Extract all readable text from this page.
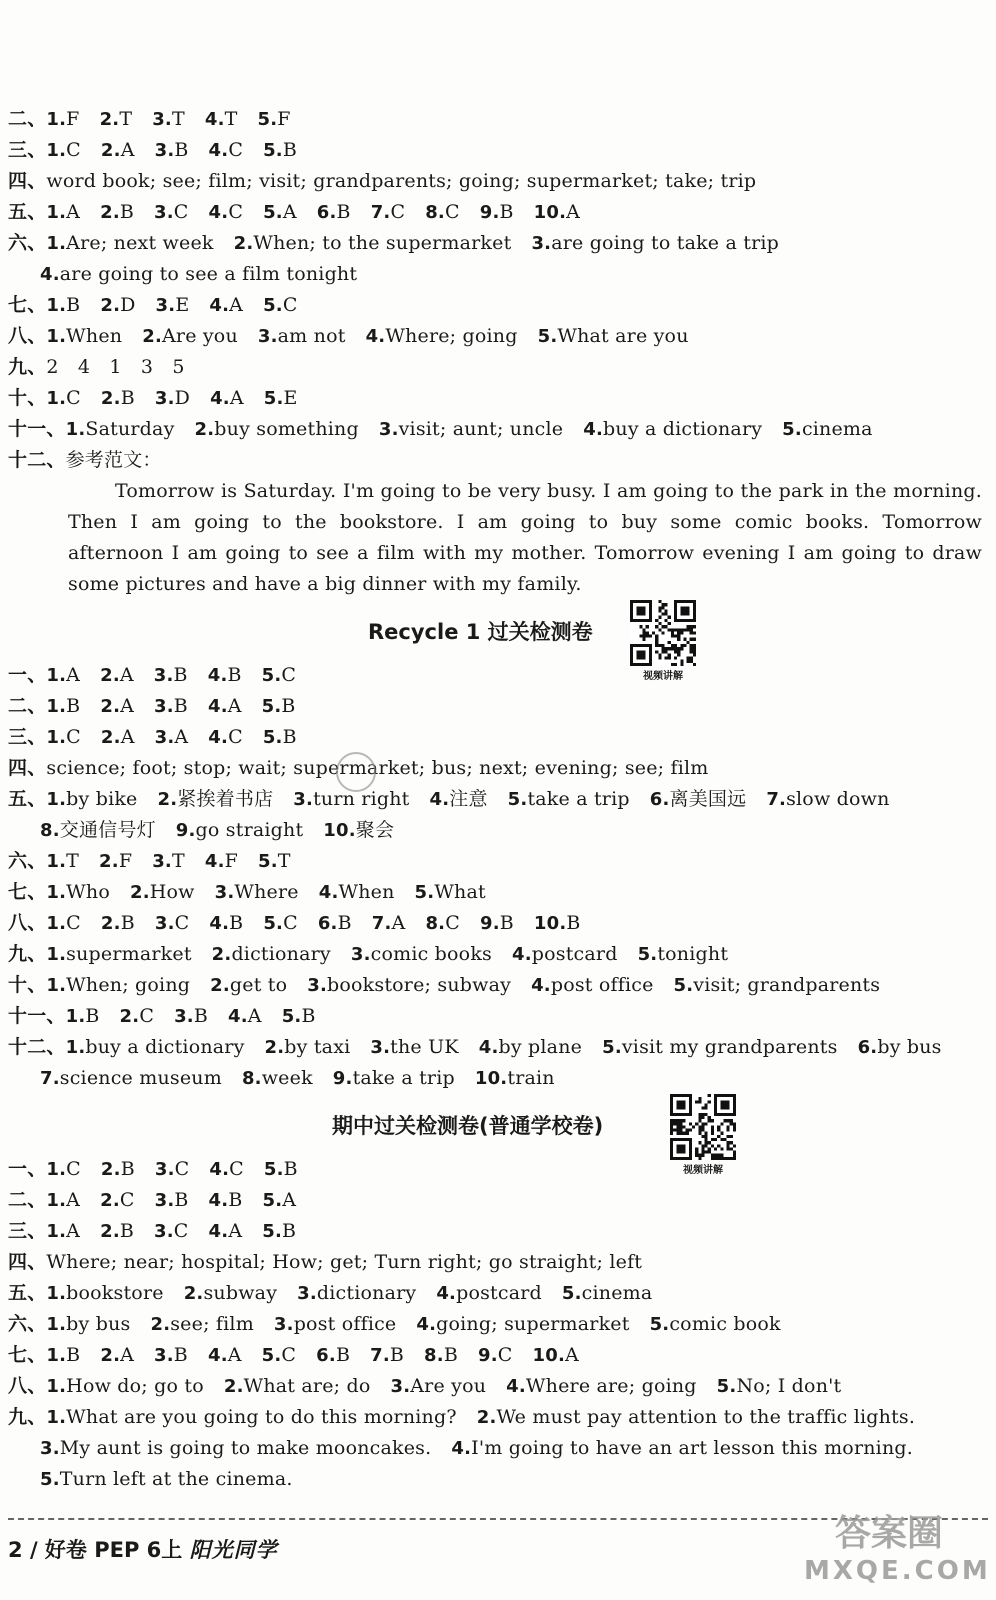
二、1.F 2.T 3.T 4.T 5.F
三、1.C 2.A 3.B 4.C 5.B
四、word book; see; film; visit; grandparents; going; supermarket; take; trip
五、1.A 2.B 3.C 4.C 5.A 6.B 7.C 8.C 9.B 10.A
六、1.Are; next week 2.When; to the supermarket 3.are going to take a trip
4.are going to see a film tonight
七、1.B 2.D 3.E 4.A 5.C
八、1.When 2.Are you 3.am not 4.Where; going 5.What are you
九、2　4　1　3　5
十、1.C 2.B 3.D 4.A 5.E
十一、1.Saturday 2.buy something 3.visit; aunt; uncle 4.buy a dictionary 5.cinema
十二、参考范文：
Tomorrow is Saturday. I'm going to be very busy. I am going to the park in the morning.
Then I am going to the bookstore. I am going to buy some comic books. Tomorrow
afternoon I am going to see a film with my mother. Tomorrow evening I am going to draw
some pictures and have a big dinner with my family.
Recycle 1 过关检测卷
视频讲解
一、1.A 2.A 3.B 4.B 5.C
二、1.B 2.A 3.B 4.A 5.B
三、1.C 2.A 3.A 4.C 5.B
四、science; foot; stop; wait; supermarket; bus; next; evening; see; film
五、1.by bike 2.紧挨着书店 3.turn right 4.注意 5.take a trip 6.离美国远 7.slow down
8.交通信号灯 9.go straight 10.聚会
六、1.T 2.F 3.T 4.F 5.T
七、1.Who 2.How 3.Where 4.When 5.What
八、1.C 2.B 3.C 4.B 5.C 6.B 7.A 8.C 9.B 10.B
九、1.supermarket 2.dictionary 3.comic books 4.postcard 5.tonight
十、1.When; going 2.get to 3.bookstore; subway 4.post office 5.visit; grandparents
十一、1.B 2.C 3.B 4.A 5.B
十二、1.buy a dictionary 2.by taxi 3.the UK 4.by plane 5.visit my grandparents 6.by bus
7.science museum 8.week 9.take a trip 10.train
期中过关检测卷(普通学校卷)
视频讲解
一、1.C 2.B 3.C 4.C 5.B
二、1.A 2.C 3.B 4.B 5.A
三、1.A 2.B 3.C 4.A 5.B
四、Where; near; hospital; How; get; Turn right; go straight; left
五、1.bookstore 2.subway 3.dictionary 4.postcard 5.cinema
六、1.by bus 2.see; film 3.post office 4.going; supermarket 5.comic book
七、1.B 2.A 3.B 4.A 5.C 6.B 7.B 8.B 9.C 10.A
八、1.How do; go to 2.What are; do 3.Are you 4.Where are; going 5.No; I don't
九、1.What are you going to do this morning? 2.We must pay attention to the traffic lights.
3.My aunt is going to make mooncakes. 4.I'm going to have an art lesson this morning.
5.Turn left at the cinema.
2 / 好卷 PEP 6上 阳光同学	答案圈
MXQE.COM
